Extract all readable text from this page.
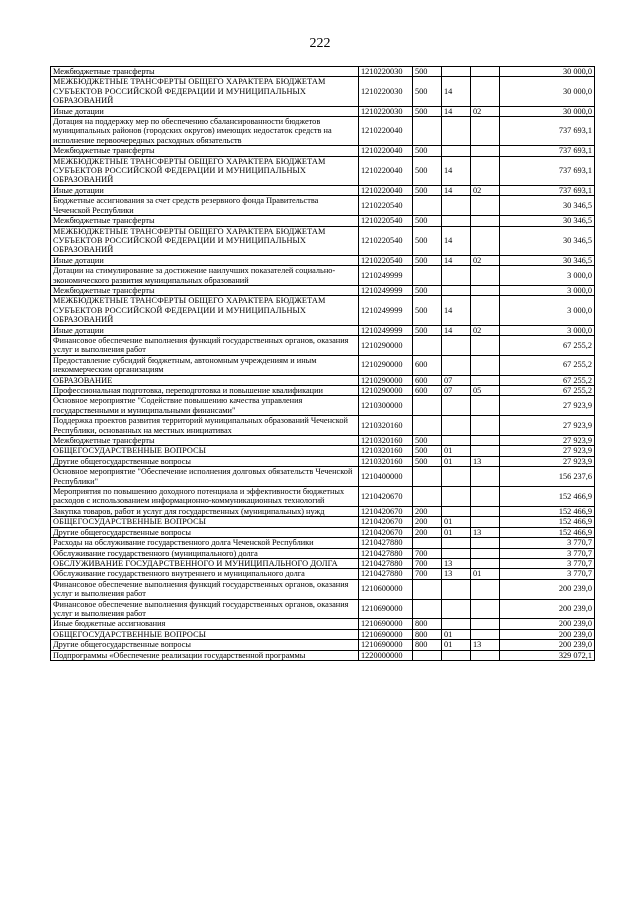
222
Межбюджетные трансферты	1210220030	500			30 000,0
МЕЖБЮДЖЕТНЫЕ ТРАНСФЕРТЫ ОБЩЕГО ХАРАКТЕРА БЮДЖЕТАМ СУБЪЕКТОВ РОССИЙСКОЙ ФЕДЕРАЦИИ И МУНИЦИПАЛЬНЫХ ОБРАЗОВАНИЙ	1210220030	500	14		30 000,0
Иные дотации	1210220030	500	14	02	30 000,0
Дотация на поддержку мер по обеспечению сбалансированности бюджетов муниципальных районов (городских округов) имеющих недостаток средств на исполнение первоочередных расходных обязательств	1210220040				737 693,1
Межбюджетные трансферты	1210220040	500			737 693,1
МЕЖБЮДЖЕТНЫЕ ТРАНСФЕРТЫ ОБЩЕГО ХАРАКТЕРА БЮДЖЕТАМ СУБЪЕКТОВ РОССИЙСКОЙ ФЕДЕРАЦИИ И МУНИЦИПАЛЬНЫХ ОБРАЗОВАНИЙ	1210220040	500	14		737 693,1
Иные дотации	1210220040	500	14	02	737 693,1
Бюджетные ассигнования за счет средств резервного фонда Правительства Чеченской Республики	1210220540				30 346,5
Межбюджетные трансферты	1210220540	500			30 346,5
МЕЖБЮДЖЕТНЫЕ ТРАНСФЕРТЫ ОБЩЕГО ХАРАКТЕРА БЮДЖЕТАМ СУБЪЕКТОВ РОССИЙСКОЙ ФЕДЕРАЦИИ И МУНИЦИПАЛЬНЫХ ОБРАЗОВАНИЙ	1210220540	500	14		30 346,5
Иные дотации	1210220540	500	14	02	30 346,5
Дотации на стимулирование за достижение наилучших показателей социально-экономического развития муниципальных образований	1210249999				3 000,0
Межбюджетные трансферты	1210249999	500			3 000,0
МЕЖБЮДЖЕТНЫЕ ТРАНСФЕРТЫ ОБЩЕГО ХАРАКТЕРА БЮДЖЕТАМ СУБЪЕКТОВ РОССИЙСКОЙ ФЕДЕРАЦИИ И МУНИЦИПАЛЬНЫХ ОБРАЗОВАНИЙ	1210249999	500	14		3 000,0
Иные дотации	1210249999	500	14	02	3 000,0
Финансовое обеспечение выполнения функций государственных органов, оказания услуг и выполнения работ	1210290000				67 255,2
Предоставление субсидий бюджетным, автономным учреждениям и иным некоммерческим организациям	1210290000	600			67 255,2
ОБРАЗОВАНИЕ	1210290000	600	07		67 255,2
Профессиональная подготовка, переподготовка и повышение квалификации	1210290000	600	07	05	67 255,2
Основное мероприятие "Содействие повышению качества управления государственными и муниципальными финансами"	1210300000				27 923,9
Поддержка проектов развития территорий муниципальных образований Чеченской Республики, основанных на местных инициативах	1210320160				27 923,9
Межбюджетные трансферты	1210320160	500			27 923,9
ОБЩЕГОСУДАРСТВЕННЫЕ ВОПРОСЫ	1210320160	500	01		27 923,9
Другие общегосударственные вопросы	1210320160	500	01	13	27 923,9
Основное мероприятие "Обеспечение исполнения долговых обязательств Чеченской Республики"	1210400000				156 237,6
Мероприятия по повышению доходного потенциала и эффективности бюджетных расходов с использованием информационно-коммуникационных технологий	1210420670				152 466,9
Закупка товаров, работ и услуг для государственных (муниципальных) нужд	1210420670	200			152 466,9
ОБЩЕГОСУДАРСТВЕННЫЕ ВОПРОСЫ	1210420670	200	01		152 466,9
Другие общегосударственные вопросы	1210420670	200	01	13	152 466,9
Расходы на обслуживание государственного долга Чеченской Республики	1210427880				3 770,7
Обслуживание государственного (муниципального) долга	1210427880	700			3 770,7
ОБСЛУЖИВАНИЕ ГОСУДАРСТВЕННОГО И МУНИЦИПАЛЬНОГО ДОЛГА	1210427880	700	13		3 770,7
Обслуживание государственного внутреннего и муниципального долга	1210427880	700	13	01	3 770,7
Финансовое обеспечение выполнения функций государственных органов, оказания услуг и выполнения работ	1210600000				200 239,0
Финансовое обеспечение выполнения функций государственных органов, оказания услуг и выполнения работ	1210690000				200 239,0
Иные бюджетные ассигнования	1210690000	800			200 239,0
ОБЩЕГОСУДАРСТВЕННЫЕ ВОПРОСЫ	1210690000	800	01		200 239,0
Другие общегосударственные вопросы	1210690000	800	01	13	200 239,0
Подпрограммы «Обеспечение реализации государственной программы	1220000000				329 072,1
